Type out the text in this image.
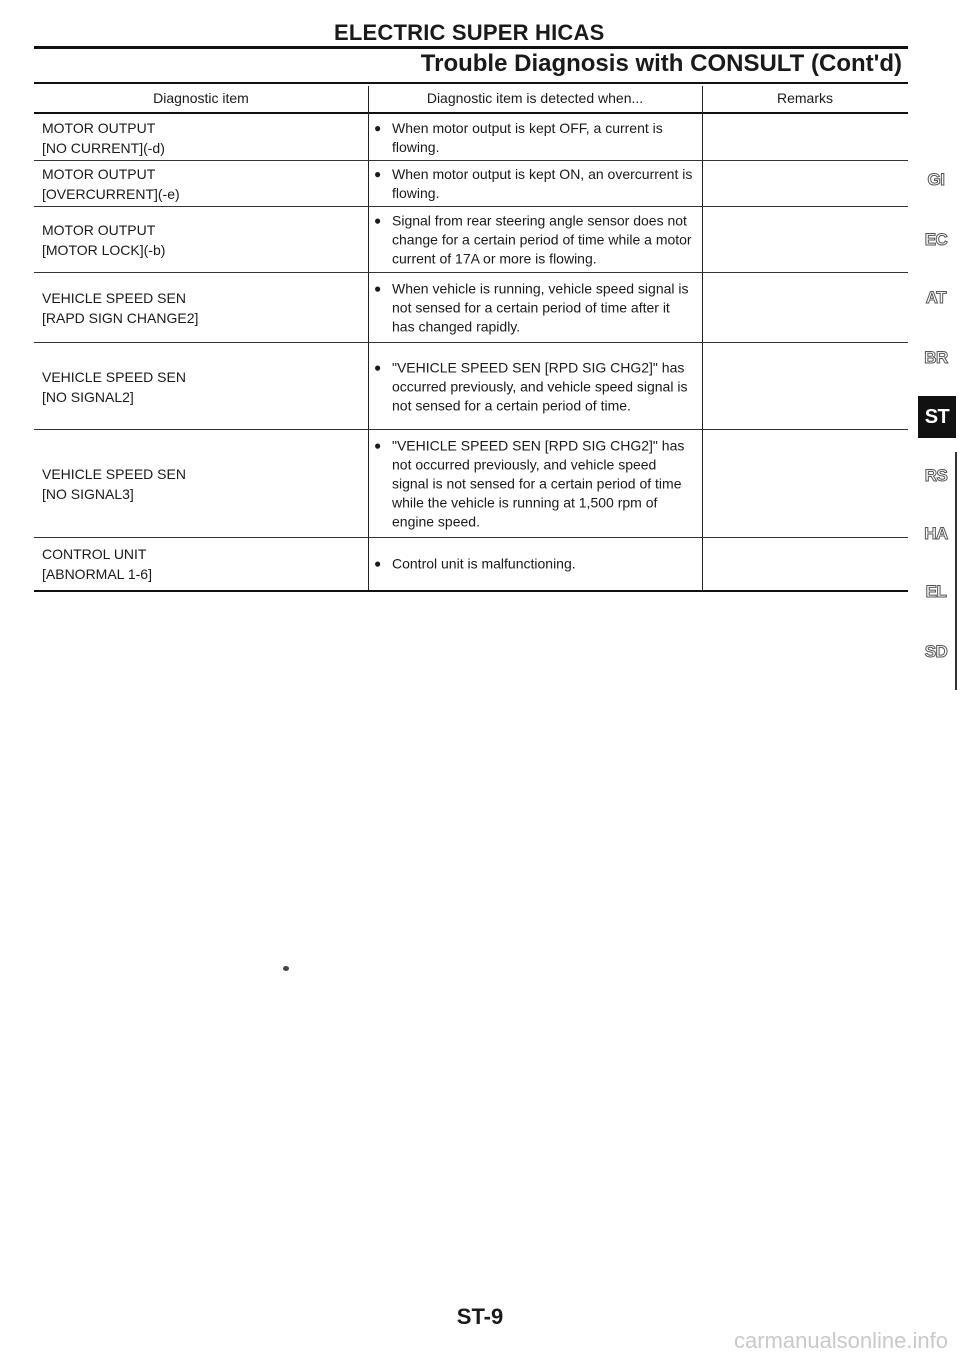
ELECTRIC SUPER HICAS
Trouble Diagnosis with CONSULT (Cont'd)
Diagnostic item	Diagnostic item is detected when...	Remarks
MOTOR OUTPUT
[NO CURRENT](-d)
● When motor output is kept OFF, a current is flowing.
MOTOR OUTPUT
[OVERCURRENT](-e)
● When motor output is kept ON, an overcurrent is flowing.
MOTOR OUTPUT
[MOTOR LOCK](-b)
● Signal from rear steering angle sensor does not change for a certain period of time while a motor current of 17A or more is flowing.
VEHICLE SPEED SEN
[RAPD SIGN CHANGE2]
● When vehicle is running, vehicle speed signal is not sensed for a certain period of time after it has changed rapidly.
VEHICLE SPEED SEN
[NO SIGNAL2]
● "VEHICLE SPEED SEN [RPD SIG CHG2]" has occurred previously, and vehicle speed signal is not sensed for a certain period of time.
VEHICLE SPEED SEN
[NO SIGNAL3]
● "VEHICLE SPEED SEN [RPD SIG CHG2]" has not occurred previously, and vehicle speed signal is not sensed for a certain period of time while the vehicle is running at 1,500 rpm of engine speed.
CONTROL UNIT
[ABNORMAL 1-6]
● Control unit is malfunctioning.
GI
EC
AT
BR
ST
RS
HA
EL
SD
ST-9
carmanualsonline.info
